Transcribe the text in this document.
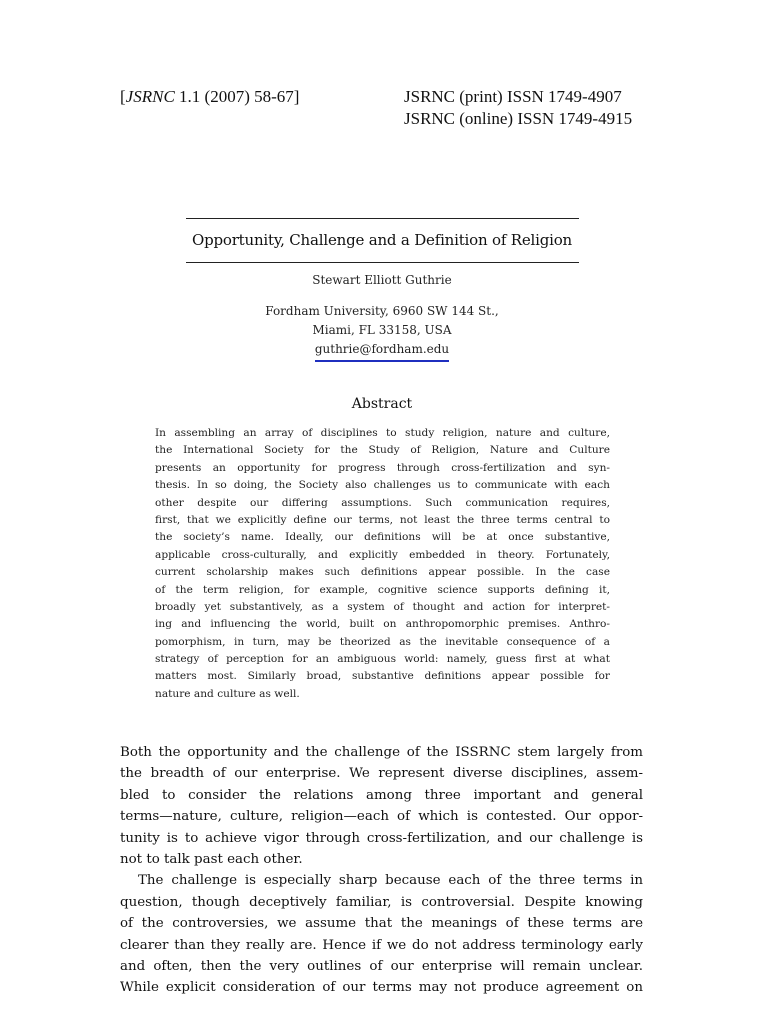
[JSRNC 1.1 (2007) 58-67]	JSRNC (print) ISSN 1749-4907
JSRNC (online) ISSN 1749-4915
Opportunity, Challenge and a Definition of Religion
Stewart Elliott Guthrie
Fordham University, 6960 SW 144 St.,
Miami, FL 33158, USA
guthrie@fordham.edu
Abstract
In assembling an array of disciplines to study religion, nature and culture,
the International Society for the Study of Religion, Nature and Culture
presents an opportunity for progress through cross-fertilization and syn-
thesis. In so doing, the Society also challenges us to communicate with each
other despite our differing assumptions. Such communication requires,
first, that we explicitly define our terms, not least the three terms central to
the society’s name. Ideally, our definitions will be at once substantive,
applicable cross-culturally, and explicitly embedded in theory. Fortunately,
current scholarship makes such definitions appear possible. In the case
of the term religion, for example, cognitive science supports defining it,
broadly yet substantively, as a system of thought and action for interpret-
ing and influencing the world, built on anthropomorphic premises. Anthro-
pomorphism, in turn, may be theorized as the inevitable consequence of a
strategy of perception for an ambiguous world: namely, guess first at what
matters most. Similarly broad, substantive definitions appear possible for
nature and culture as well.
Both the opportunity and the challenge of the ISSRNC stem largely from
the breadth of our enterprise. We represent diverse disciplines, assem-
bled to consider the relations among three important and general
terms—nature, culture, religion—each of which is contested. Our oppor-
tunity is to achieve vigor through cross-fertilization, and our challenge is
not to talk past each other.
The challenge is especially sharp because each of the three terms in
question, though deceptively familiar, is controversial. Despite knowing
of the controversies, we assume that the meanings of these terms are
clearer than they really are. Hence if we do not address terminology early
and often, then the very outlines of our enterprise will remain unclear.
While explicit consideration of our terms may not produce agreement on
